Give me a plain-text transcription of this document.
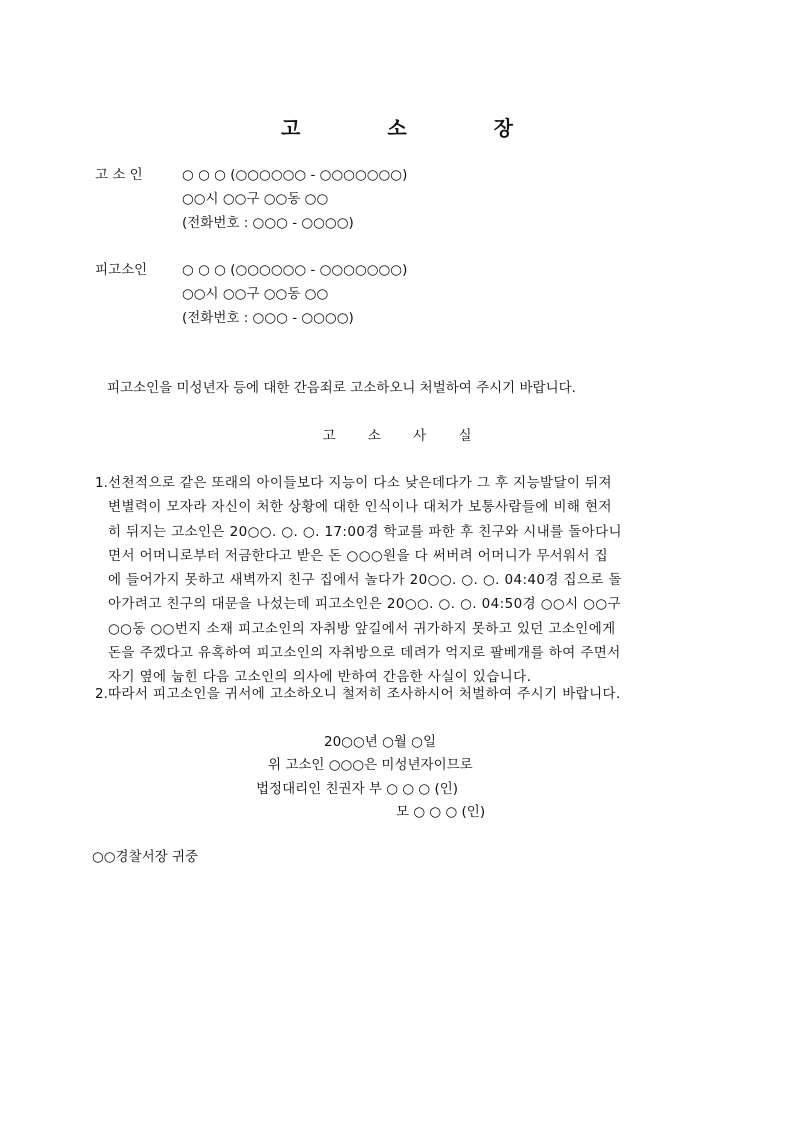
고 소 장
고 소 인	○ ○ ○ (○○○○○○ - ○○○○○○○)
○○시 ○○구 ○○동 ○○
(전화번호 : ○○○ - ○○○○)
피고소인	○ ○ ○ (○○○○○○ - ○○○○○○○)
○○시 ○○구 ○○동 ○○
(전화번호 : ○○○ - ○○○○)
피고소인을 미성년자 등에 대한 간음죄로 고소하오니 처벌하여 주시기 바랍니다.
고 소 사 실
1. 선천적으로 같은 또래의 아이들보다 지능이 다소 낮은데다가 그 후 지능발달이 뒤져
변별력이 모자라 자신이 처한 상황에 대한 인식이나 대처가 보통사람들에 비해 현저
히 뒤지는 고소인은 20○○. ○. ○. 17:00경 학교를 파한 후 친구와 시내를 돌아다니
면서 어머니로부터 저금한다고 받은 돈 ○○○원을 다 써버려 어머니가 무서워서 집
에 들어가지 못하고 새벽까지 친구 집에서 놀다가 20○○. ○. ○. 04:40경 집으로 돌
아가려고 친구의 대문을 나섰는데 피고소인은 20○○. ○. ○. 04:50경 ○○시 ○○구
○○동 ○○번지 소재 피고소인의 자취방 앞길에서 귀가하지 못하고 있던 고소인에게
돈을 주겠다고 유혹하여 피고소인의 자취방으로 데려가 억지로 팔베개를 하여 주면서
자기 옆에 눕힌 다음 고소인의 의사에 반하여 간음한 사실이 있습니다.
2. 따라서 피고소인을 귀서에 고소하오니 철저히 조사하시어 처벌하여 주시기 바랍니다.
20○○년 ○월 ○일
위 고소인 ○○○은 미성년자이므로
법정대리인 친권자 부 ○ ○ ○ (인)
모 ○ ○ ○ (인)
○○경찰서장 귀중
